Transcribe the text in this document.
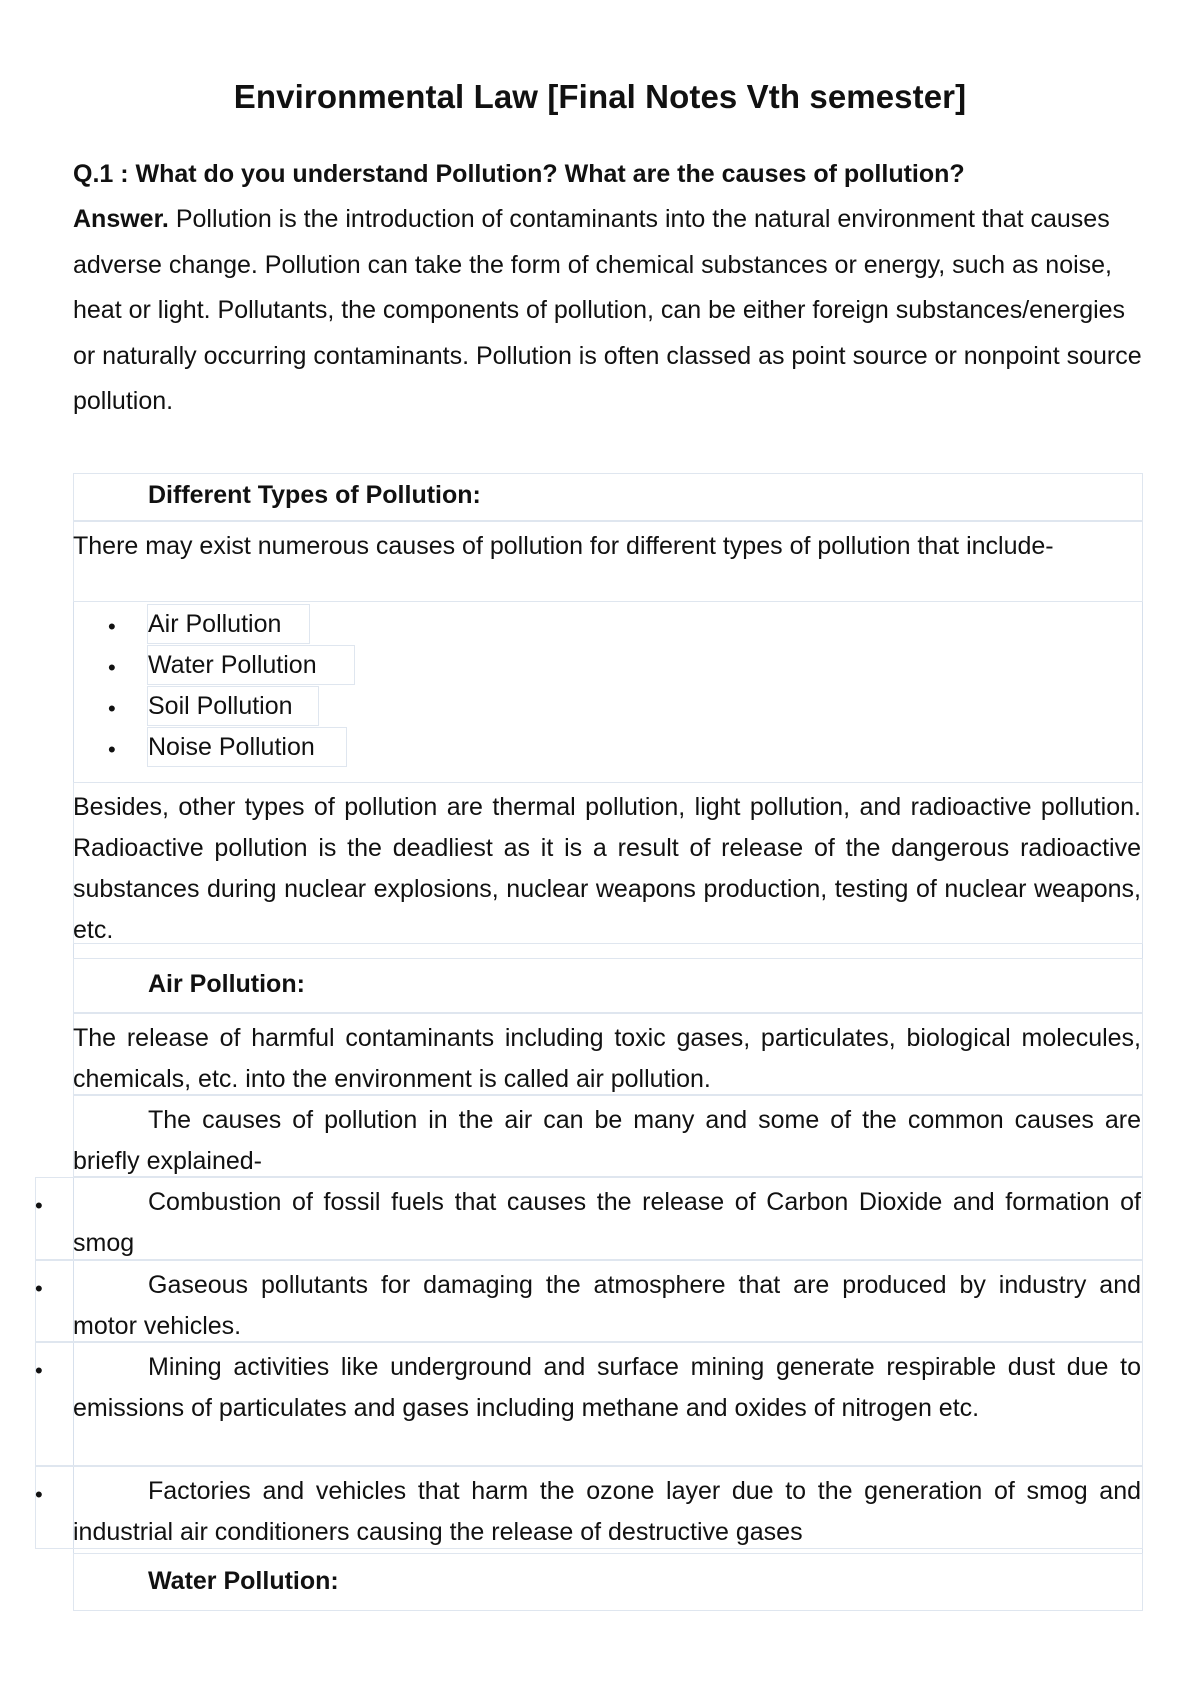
Environmental Law [Final Notes Vth semester]
Q.1 : What do you understand Pollution? What are the causes of pollution?
Answer. Pollution is the introduction of contaminants into the natural environment that causes adverse change. Pollution can take the form of chemical substances or energy, such as noise, heat or light. Pollutants, the components of pollution, can be either foreign substances/energies or naturally occurring contaminants. Pollution is often classed as point source or nonpoint source pollution.
Different Types of Pollution:
There may exist numerous causes of pollution for different types of pollution that include-
• Air Pollution
• Water Pollution
• Soil Pollution
• Noise Pollution
Besides, other types of pollution are thermal pollution, light pollution, and radioactive pollution. Radioactive pollution is the deadliest as it is a result of release of the dangerous radioactive substances during nuclear explosions, nuclear weapons production, testing of nuclear weapons, etc.
Air Pollution:
The release of harmful contaminants including toxic gases, particulates, biological molecules, chemicals, etc. into the environment is called air pollution.
The causes of pollution in the air can be many and some of the common causes are briefly explained-
•	Combustion of fossil fuels that causes the release of Carbon Dioxide and formation of smog
•	Gaseous pollutants for damaging the atmosphere that are produced by industry and motor vehicles.
•	Mining activities like underground and surface mining generate respirable dust due to emissions of particulates and gases including methane and oxides of nitrogen etc.
•	Factories and vehicles that harm the ozone layer due to the generation of smog and industrial air conditioners causing the release of destructive gases
Water Pollution:
